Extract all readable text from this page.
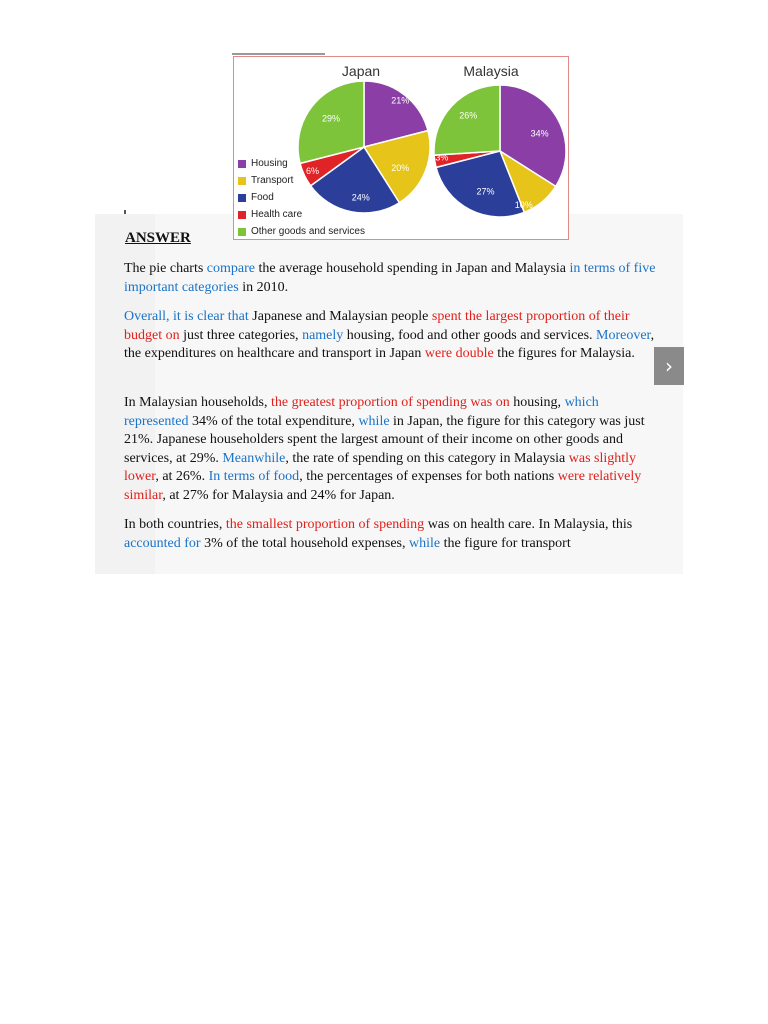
Japan	Malaysia
21%
20%
24%
6%
29%
34%
10%
27%
3%
26%
Housing
Transport
Food
Health care
Other goods and services
ANSWER
The pie charts compare the average household spending in Japan and Malaysia in terms of five important categories in 2010.
Overall, it is clear that Japanese and Malaysian people spent the largest proportion of their budget on just three categories, namely housing, food and other goods and services. Moreover, the expenditures on healthcare and transport in Japan were double the figures for Malaysia.
In Malaysian households, the greatest proportion of spending was on housing, which represented 34% of the total expenditure, while in Japan, the figure for this category was just 21%. Japanese householders spent the largest amount of their income on other goods and services, at 29%. Meanwhile, the rate of spending on this category in Malaysia was slightly lower, at 26%. In terms of food, the percentages of expenses for both nations were relatively similar, at 27% for Malaysia and 24% for Japan.
In both countries, the smallest proportion of spending was on health care. In Malaysia, this accounted for 3% of the total household expenses, while the figure for transport
›
